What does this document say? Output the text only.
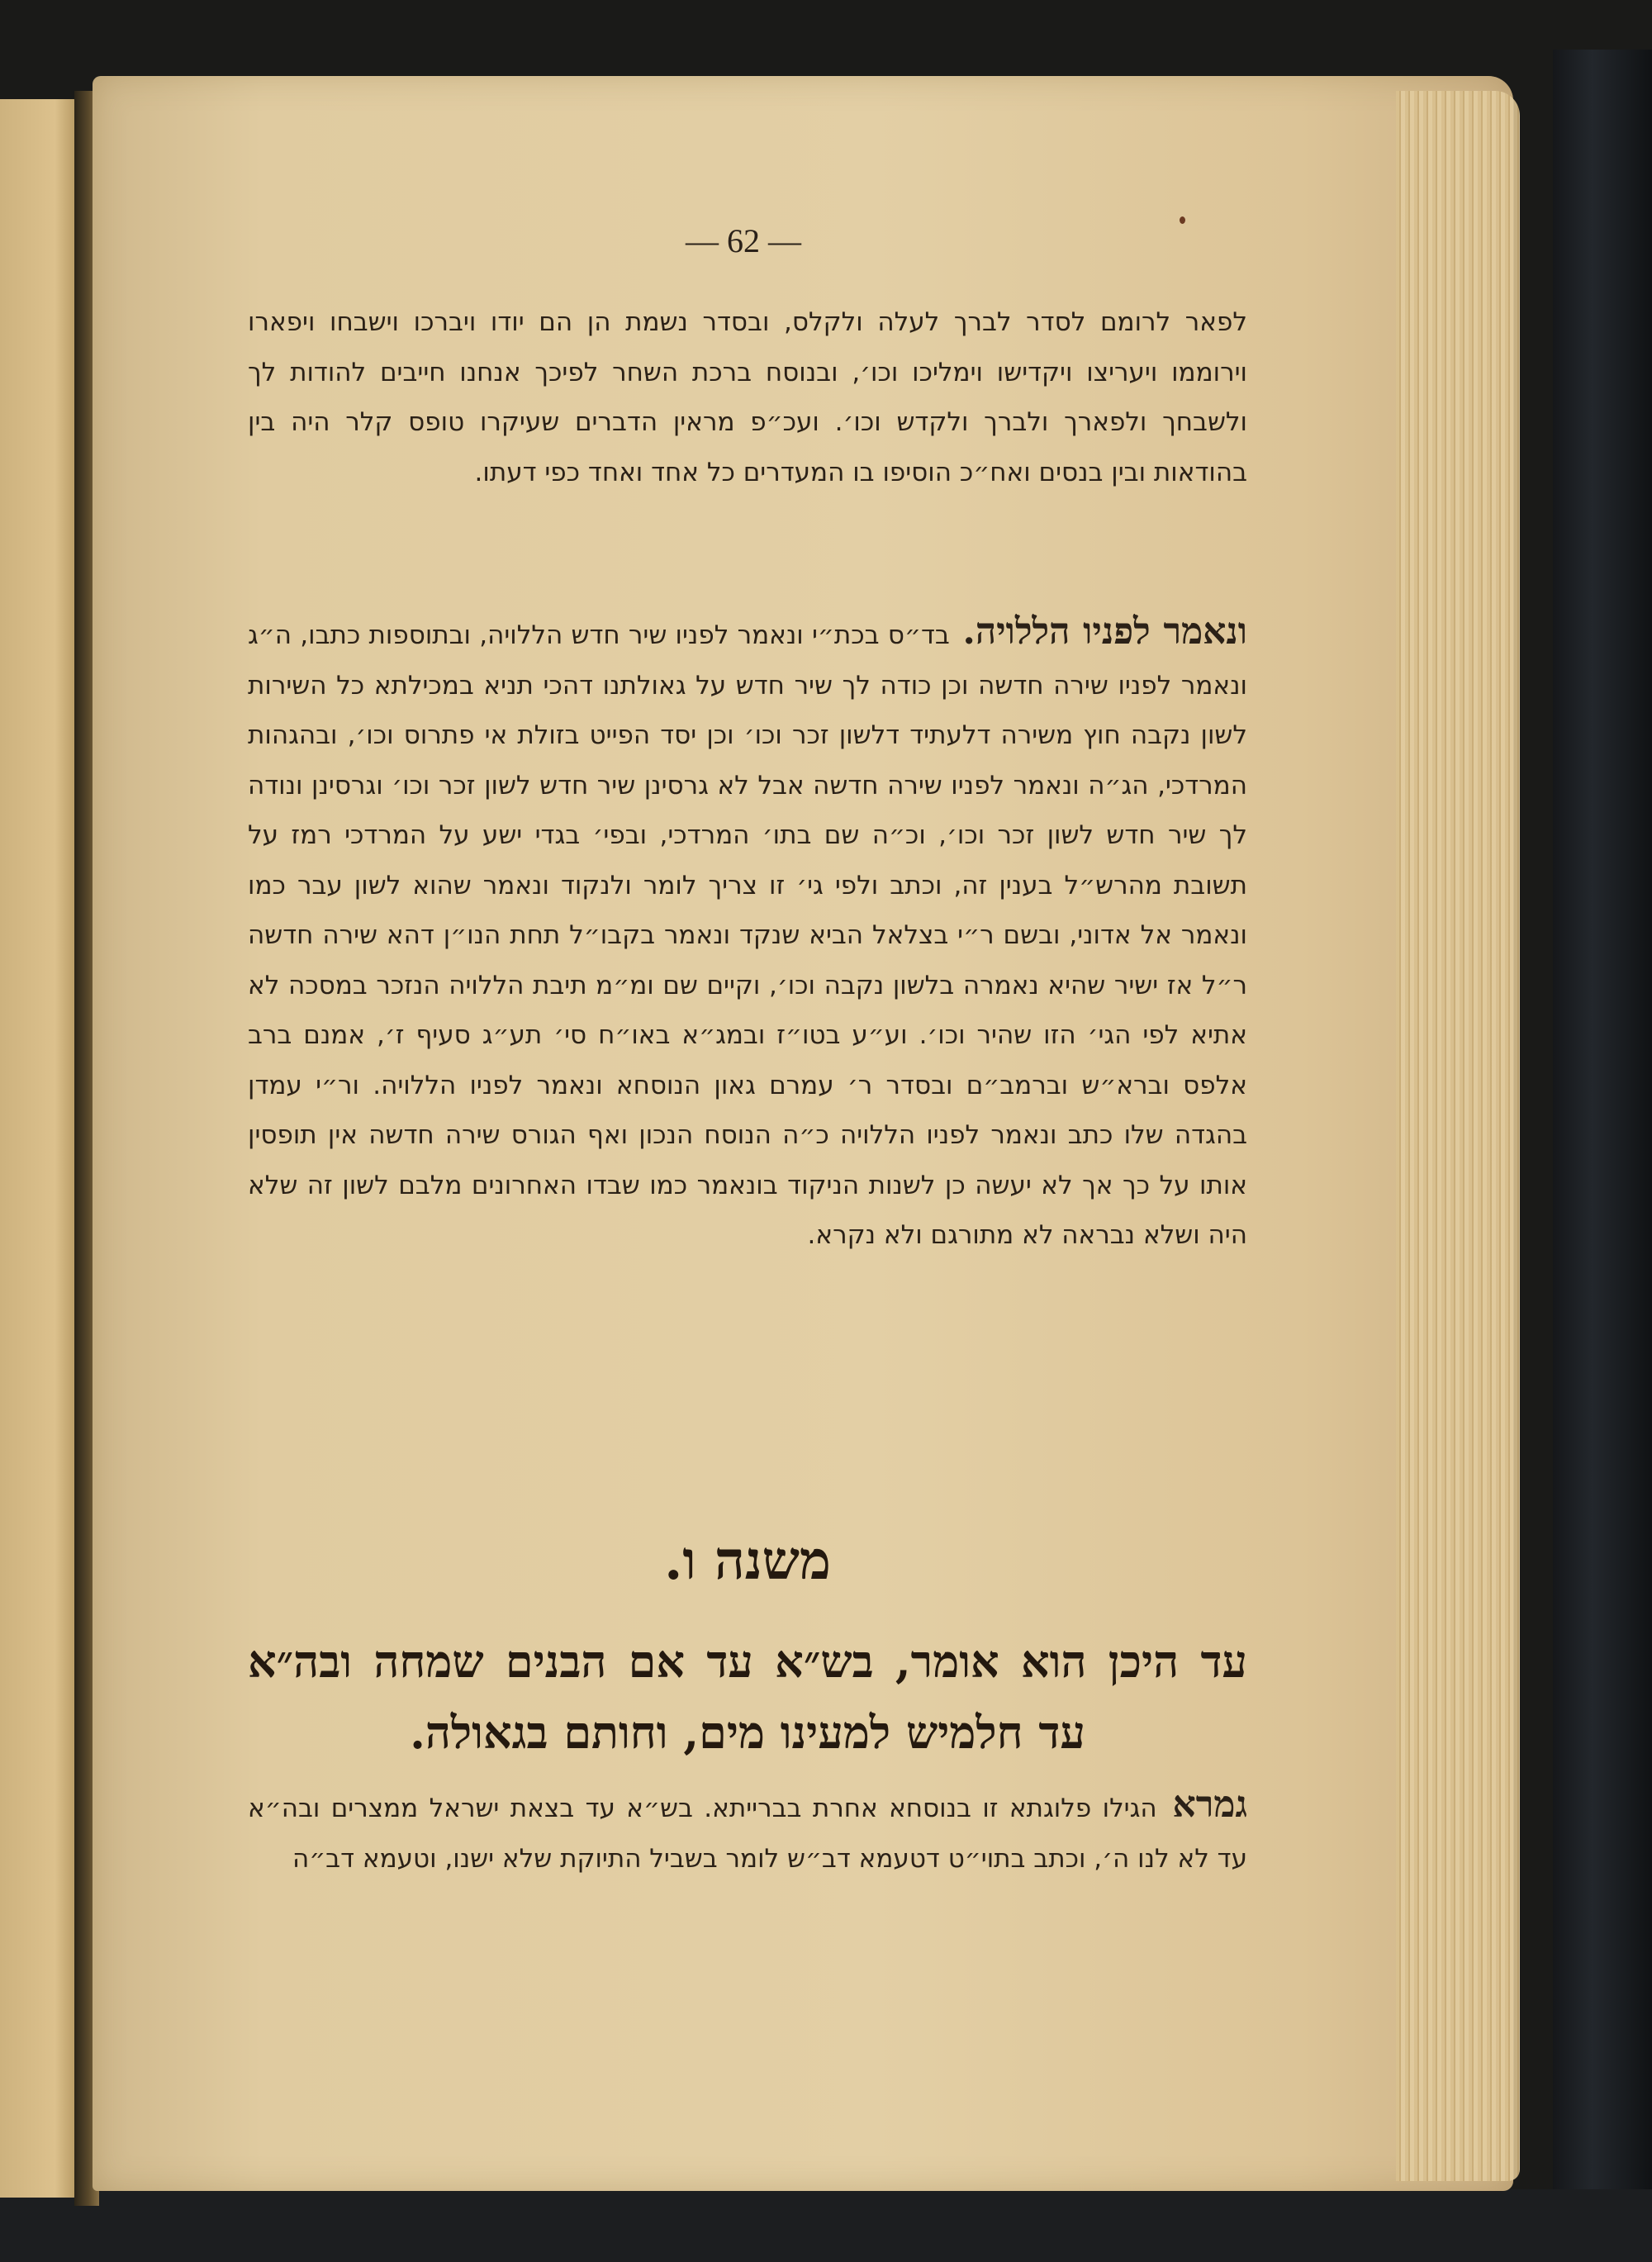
— 62 —

לפאר לרומם לסדר לברך לעלה ולקלס, ובסדר נשמת הן הם יודו ויברכו וישבחו ויפארו וירוממו ויעריצו ויקדישו וימליכו וכו׳, ובנוסח ברכת השחר לפיכך אנחנו חייבים להודות לך ולשבחך ולפארך ולברך ולקדש וכו׳. ועכ״פ מראין הדברים שעיקרו טופס קלר היה בין בהודאות ובין בנסים ואח״כ הוסיפו בו המעדרים כל אחד ואחד כפי דעתו.

ונאמר לפניו הללויה. בד״ס בכת״י ונאמר לפניו שיר חדש הללויה, ובתוספות כתבו, ה״ג ונאמר לפניו שירה חדשה וכן כודה לך שיר חדש על גאולתנו דהכי תניא במכילתא כל השירות לשון נקבה חוץ משירה דלעתיד דלשון זכר וכו׳ וכן יסד הפייט בזולת אי פתרוס וכו׳, ובהגהות המרדכי, הג״ה ונאמר לפניו שירה חדשה אבל לא גרסינן שיר חדש לשון זכר וכו׳ וגרסינן ונודה לך שיר חדש לשון זכר וכו׳, וכ״ה שם בתו׳ המרדכי, ובפי׳ בגדי ישע על המרדכי רמז על תשובת מהרש״ל בענין זה, וכתב ולפי גי׳ זו צריך לומר ולנקוד ונאמר שהוא לשון עבר כמו ונאמר אל אדוני, ובשם ר״י בצלאל הביא שנקד ונאמר בקבו״ל תחת הנו״ן דהא שירה חדשה ר״ל אז ישיר שהיא נאמרה בלשון נקבה וכו׳, וקיים שם ומ״מ תיבת הללויה הנזכר במסכה לא אתיא לפי הגי׳ הזו שהיר וכו׳. וע״ע בטו״ז ובמג״א באו״ח סי׳ תע״ג סעיף ז׳, אמנם ברב אלפס וברא״ש וברמב״ם ובסדר ר׳ עמרם גאון הנוסחא ונאמר לפניו הללויה. ור״י עמדן בהגדה שלו כתב ונאמר לפניו הללויה כ״ה הנוסח הנכון ואף הגורס שירה חדשה אין תופסין אותו על כך אך לא יעשה כן לשנות הניקוד בונאמר כמו שבדו האחרונים מלבם לשון זה שלא היה ושלא נבראה לא מתורגם ולא נקרא.

משנה ו.

עד היכן הוא אומר, בש״א עד אם הבנים שמחה ובה״א עד חלמיש למעינו מים, וחותם בגאולה.

גמרא הגילו פלוגתא זו בנוסחא אחרת בברייתא. בש״א עד בצאת ישראל ממצרים ובה״א עד לא לנו ה׳, וכתב בתוי״ט דטעמא דב״ש לומר בשביל התיוקת שלא ישנו, וטעמא דב״ה
